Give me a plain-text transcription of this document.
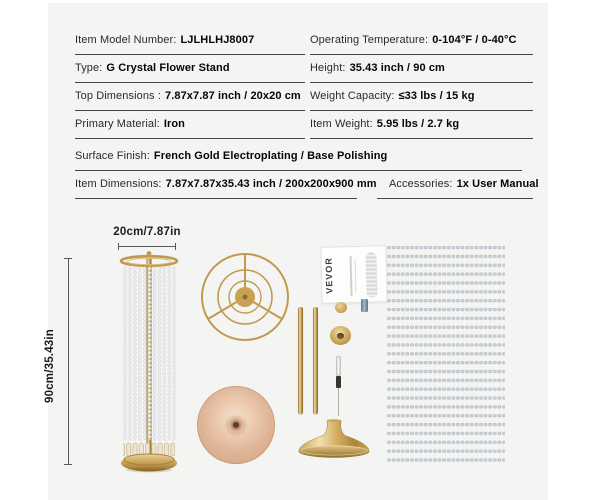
Item Model Number: LJLHLHJ8007
Type: G Crystal Flower Stand
Top Dimensions : 7.87x7.87 inch / 20x20 cm
Primary Material: Iron
Operating Temperature: 0-104°F / 0-40°C
Height: 35.43 inch / 90 cm
Weight Capacity: ≤33 lbs / 15 kg
Item Weight: 5.95 lbs / 2.7 kg
Surface Finish: French Gold Electroplating / Base Polishing
Item Dimensions: 7.87x7.87x35.43 inch / 200x200x900 mm	Accessories: 1x User Manual
20cm/7.87in
90cm/35.43in
VEVOR
